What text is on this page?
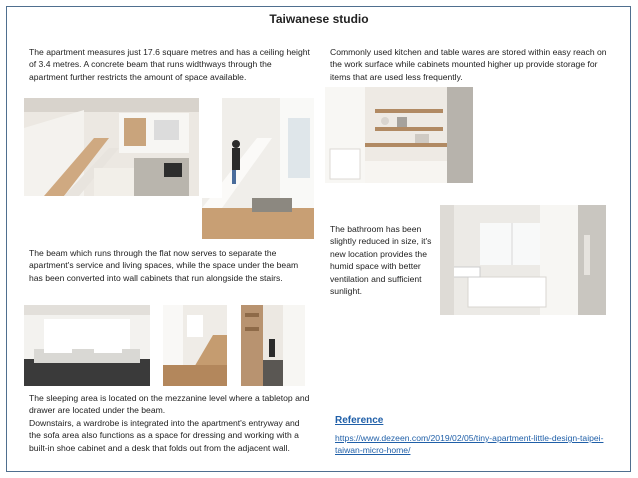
Taiwanese studio
The apartment measures just 17.6 square metres and has a ceiling height of 3.4 metres. A concrete beam that runs widthways through the apartment further restricts the amount of space available.
Commonly used kitchen and table wares are stored within easy reach on the work surface while cabinets mounted higher up provide storage for items that are used less frequently.
The beam which runs through the flat now serves to separate the apartment's service and living spaces, while the space under the beam has been converted into wall cabinets that run alongside the stairs.
The bathroom has been slightly reduced in size, it's new location provides the humid space with better ventilation and sufficient sunlight.
The sleeping area is located on the mezzanine level where a tabletop and drawer are located under the beam.
Downstairs, a wardrobe is integrated into the apartment's entryway and the sofa area also functions as a space for dressing and working with a built-in shoe cabinet and a desk that folds out from the adjacent wall.
Reference
https://www.dezeen.com/2019/02/05/tiny-apartment-little-design-taipei-taiwan-micro-home/
